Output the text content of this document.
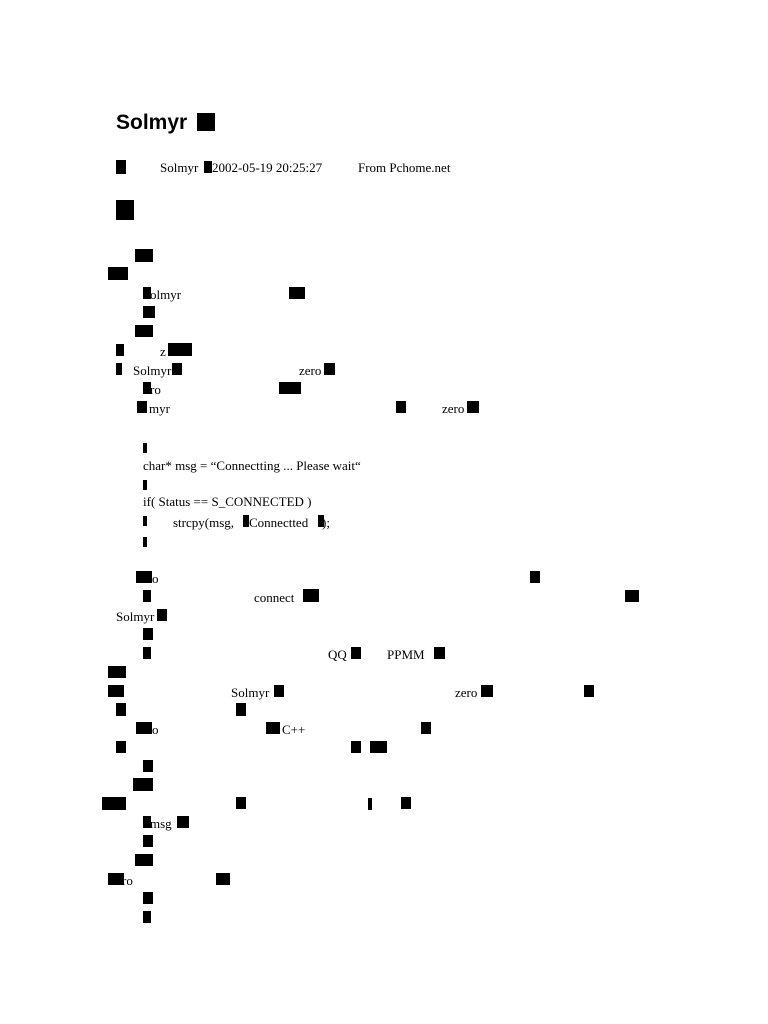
Solmyr
Solmyr 2002-05-19 20:25:27	From Pchome.net
olmyr
z
Solmyr	zero
ro
myr	zero
char* msg = “Connectting ... Please wait“
if( Status == S_CONNECTED )
strcpy(msg, Connectted );
o
connect
Solmyr
QQ	PPMM
Solmyr	zero
o	C++
msg
ro
